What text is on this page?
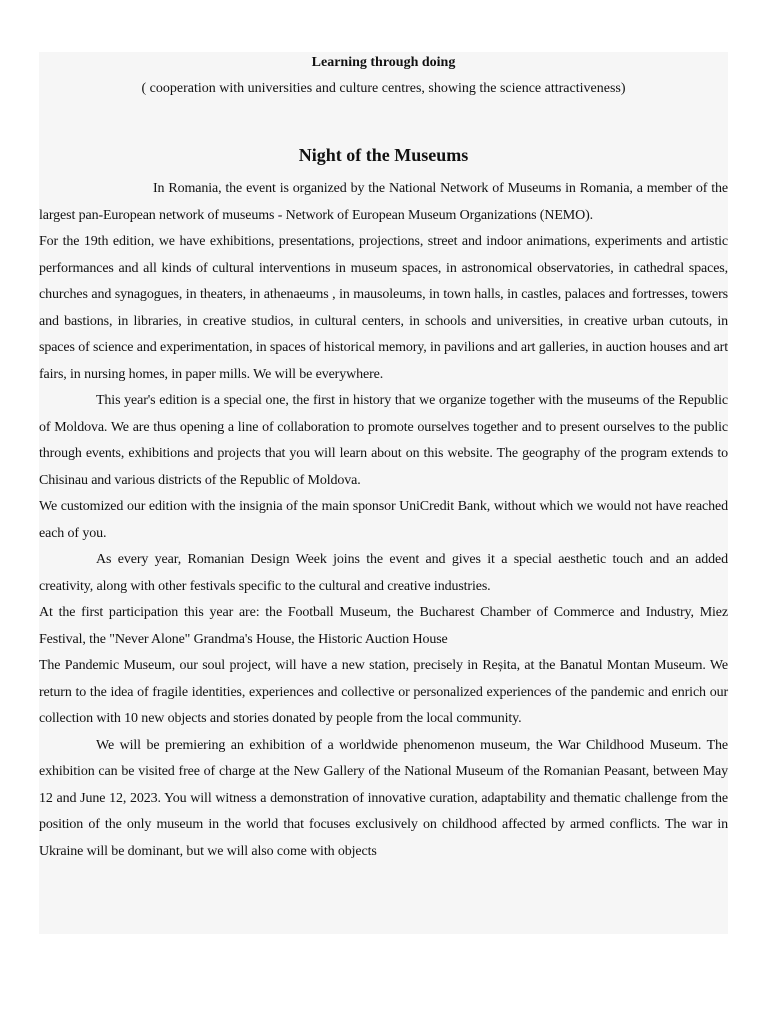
Learning through doing
( cooperation with universities and culture centres, showing the science attractiveness)
Night of the Museums

In Romania, the event is organized by the National Network of Museums in Romania, a member of the largest pan-European network of museums - Network of European Museum Organizations (NEMO).

For the 19th edition, we have exhibitions, presentations, projections, street and indoor animations, experiments and artistic performances and all kinds of cultural interventions in museum spaces, in astronomical observatories, in cathedral spaces, churches and synagogues, in theaters, in athenaeums , in mausoleums, in town halls, in castles, palaces and fortresses, towers and bastions, in libraries, in creative studios, in cultural centers, in schools and universities, in creative urban cutouts, in spaces of science and experimentation, in spaces of historical memory, in pavilions and art galleries, in auction houses and art fairs, in nursing homes, in paper mills. We will be everywhere.

This year's edition is a special one, the first in history that we organize together with the museums of the Republic of Moldova. We are thus opening a line of collaboration to promote ourselves together and to present ourselves to the public through events, exhibitions and projects that you will learn about on this website. The geography of the program extends to Chisinau and various districts of the Republic of Moldova.

We customized our edition with the insignia of the main sponsor UniCredit Bank, without which we would not have reached each of you.

As every year, Romanian Design Week joins the event and gives it a special aesthetic touch and an added creativity, along with other festivals specific to the cultural and creative industries.

At the first participation this year are: the Football Museum, the Bucharest Chamber of Commerce and Industry, Miez Festival, the "Never Alone" Grandma's House, the Historic Auction House

The Pandemic Museum, our soul project, will have a new station, precisely in Reșita, at the Banatul Montan Museum. We return to the idea of fragile identities, experiences and collective or personalized experiences of the pandemic and enrich our collection with 10 new objects and stories donated by people from the local community.

We will be premiering an exhibition of a worldwide phenomenon museum, the War Childhood Museum. The exhibition can be visited free of charge at the New Gallery of the National Museum of the Romanian Peasant, between May 12 and June 12, 2023. You will witness a demonstration of innovative curation, adaptability and thematic challenge from the position of the only museum in the world that focuses exclusively on childhood affected by armed conflicts. The war in Ukraine will be dominant, but we will also come with objects
